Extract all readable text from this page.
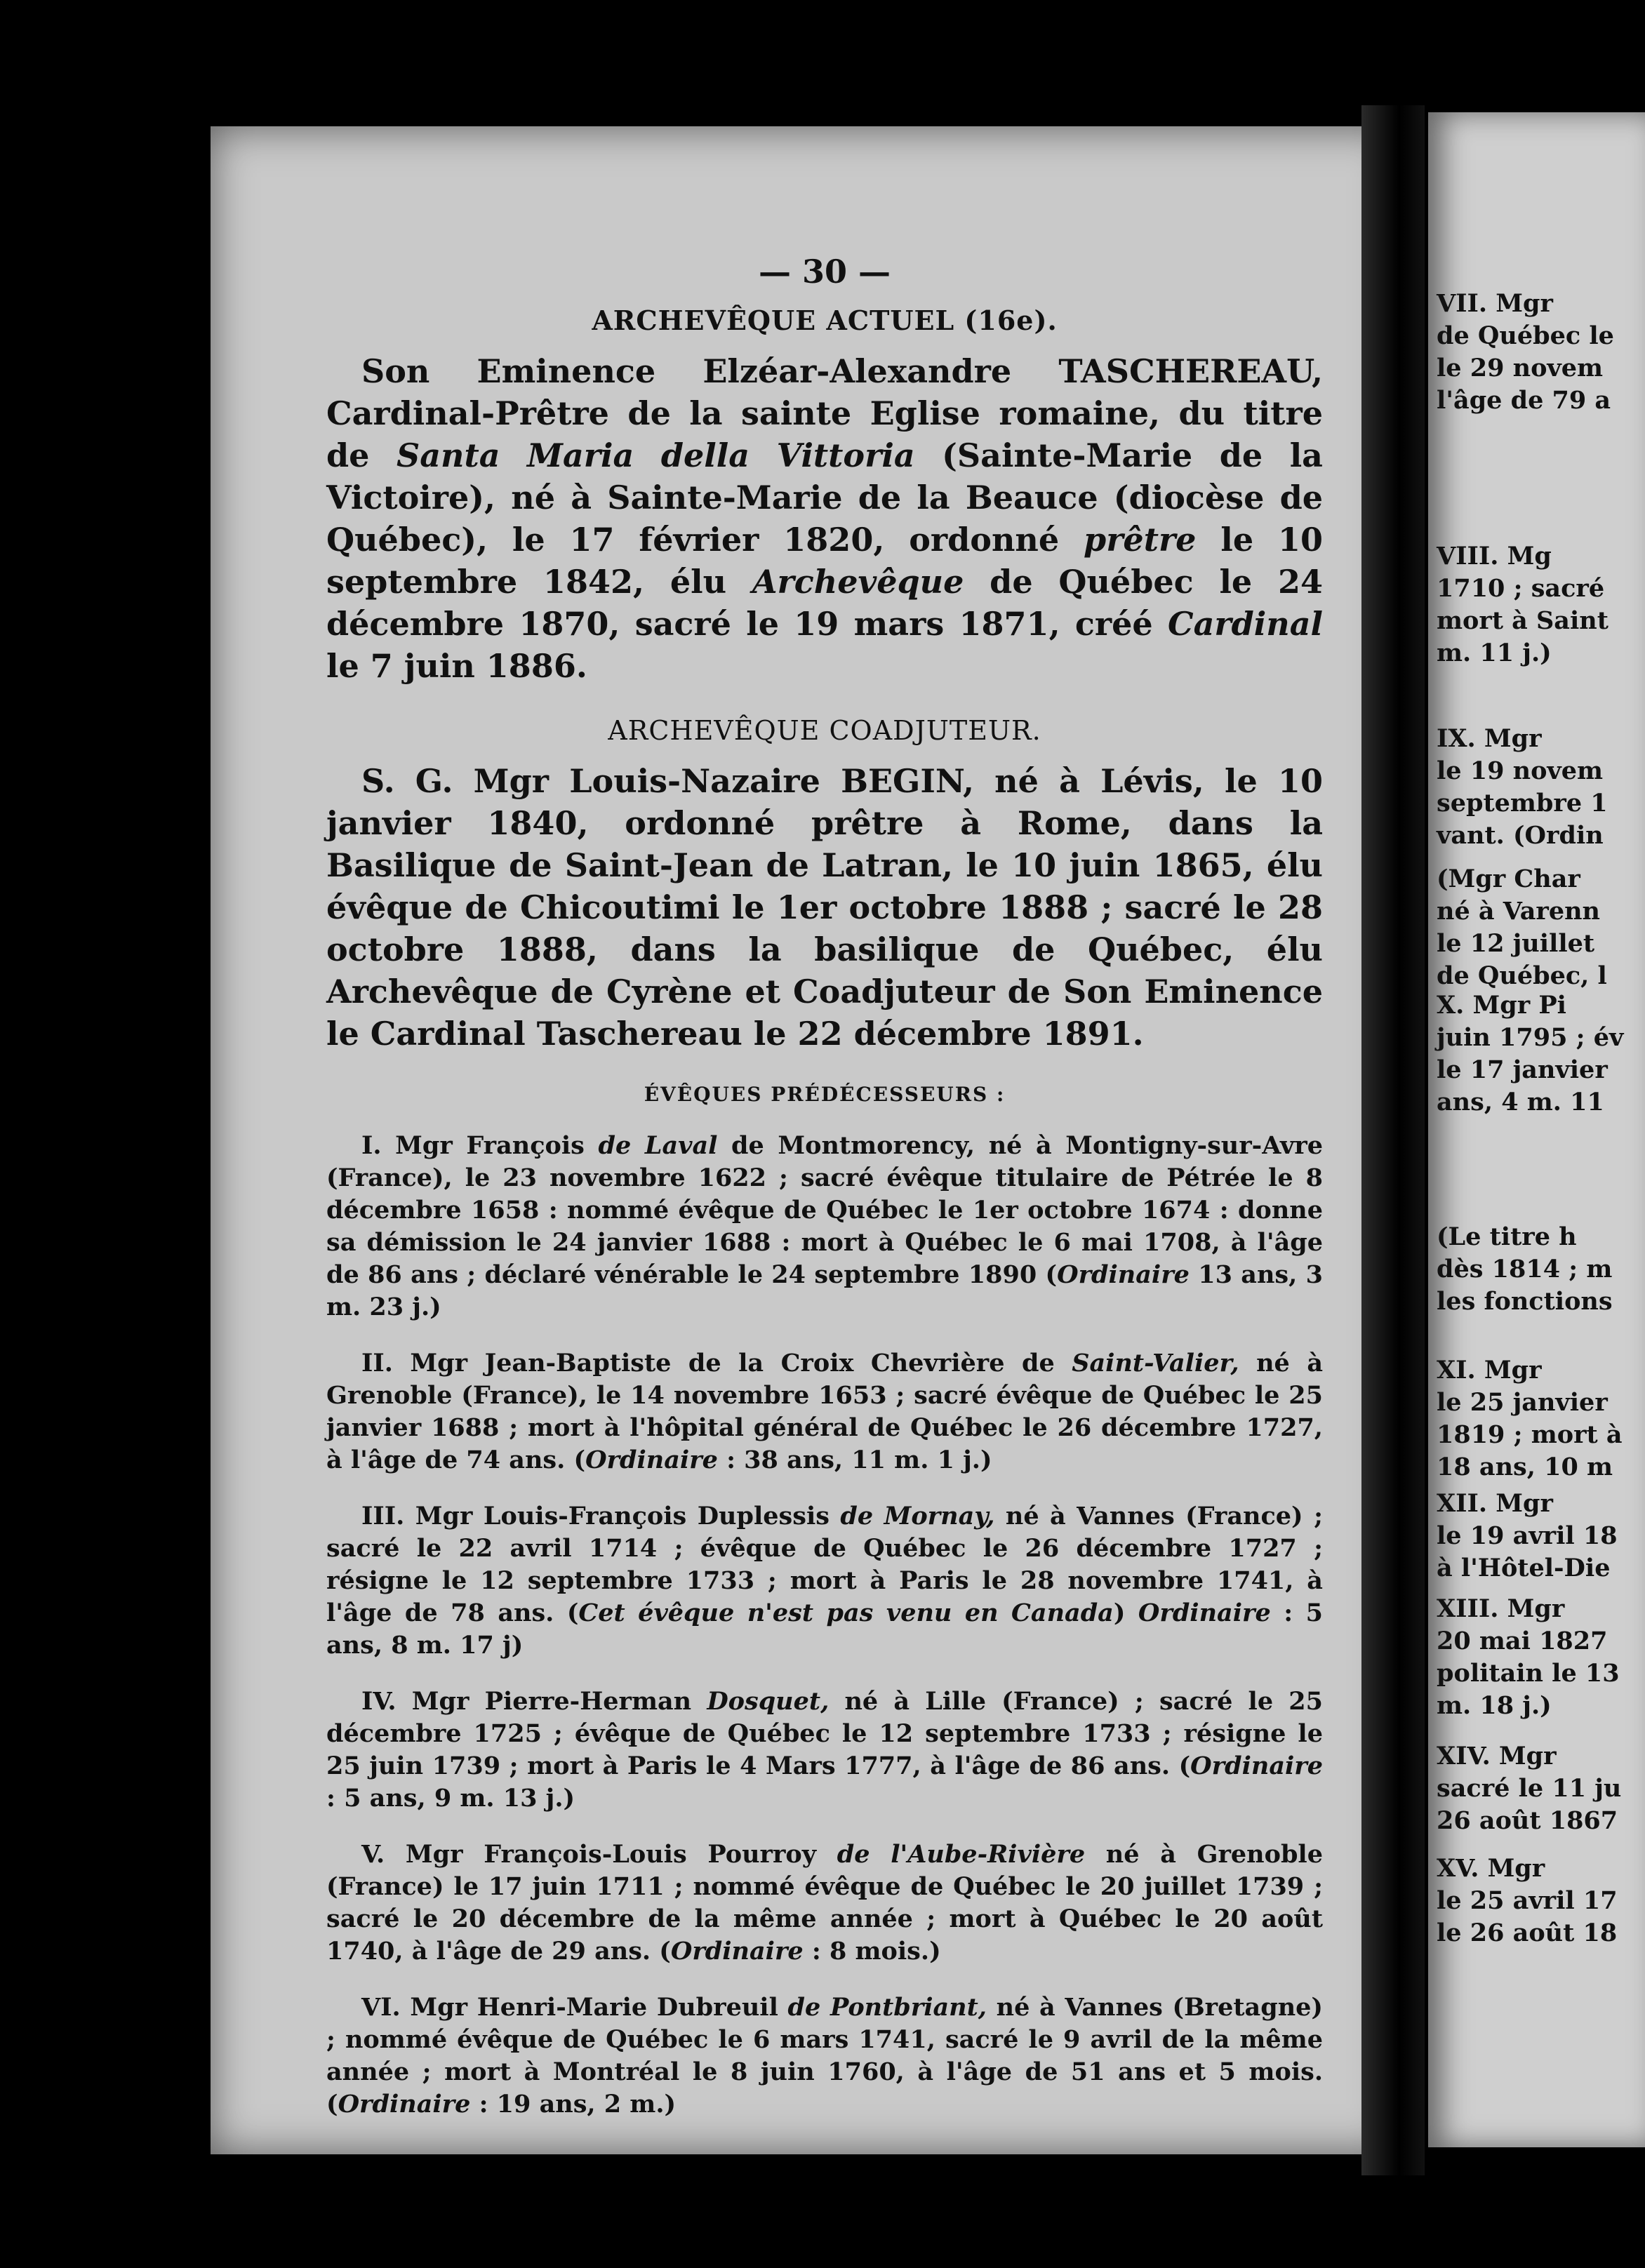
— 30 —
ARCHEVÊQUE ACTUEL (16e).

Son Eminence Elzéar-Alexandre TASCHEREAU, Cardinal-Prêtre de la sainte Eglise romaine, du titre de Santa Maria della Vittoria (Sainte-Marie de la Victoire), né à Sainte-Marie de la Beauce (diocèse de Québec), le 17 février 1820, ordonné prêtre le 10 septembre 1842, élu Archevêque de Québec le 24 décembre 1870, sacré le 19 mars 1871, créé Cardinal le 7 juin 1886.

ARCHEVÊQUE COADJUTEUR.

S. G. Mgr Louis-Nazaire BEGIN, né à Lévis, le 10 janvier 1840, ordonné prêtre à Rome, dans la Basilique de Saint-Jean de Latran, le 10 juin 1865, élu évêque de Chicoutimi le 1er octobre 1888 ; sacré le 28 octobre 1888, dans la basilique de Québec, élu Archevêque de Cyrène et Coadjuteur de Son Eminence le Cardinal Taschereau le 22 décembre 1891.

ÉVÊQUES PRÉDÉCESSEURS :

I. Mgr François de Laval de Montmorency, né à Montigny-sur-Avre (France), le 23 novembre 1622 ; sacré évêque titulaire de Pétrée le 8 décembre 1658 : nommé évêque de Québec le 1er octobre 1674 : donne sa démission le 24 janvier 1688 : mort à Québec le 6 mai 1708, à l'âge de 86 ans ; déclaré vénérable le 24 septembre 1890 (Ordinaire 13 ans, 3 m. 23 j.)

II. Mgr Jean-Baptiste de la Croix Chevrière de Saint-Valier, né à Grenoble (France), le 14 novembre 1653 ; sacré évêque de Québec le 25 janvier 1688 ; mort à l'hôpital général de Québec le 26 décembre 1727, à l'âge de 74 ans. (Ordinaire : 38 ans, 11 m. 1 j.)

III. Mgr Louis-François Duplessis de Mornay, né à Vannes (France) ; sacré le 22 avril 1714 ; évêque de Québec le 26 décembre 1727 ; résigne le 12 septembre 1733 ; mort à Paris le 28 novembre 1741, à l'âge de 78 ans. (Cet évêque n'est pas venu en Canada) Ordinaire : 5 ans, 8 m. 17 j)

IV. Mgr Pierre-Herman Dosquet, né à Lille (France) ; sacré le 25 décembre 1725 ; évêque de Québec le 12 septembre 1733 ; résigne le 25 juin 1739 ; mort à Paris le 4 Mars 1777, à l'âge de 86 ans. (Ordinaire : 5 ans, 9 m. 13 j.)

V. Mgr François-Louis Pourroy de l'Aube-Rivière né à Grenoble (France) le 17 juin 1711 ; nommé évêque de Québec le 20 juillet 1739 ; sacré le 20 décembre de la même année ; mort à Québec le 20 août 1740, à l'âge de 29 ans. (Ordinaire : 8 mois.)

VI. Mgr Henri-Marie Dubreuil de Pontbriant, né à Vannes (Bretagne) ; nommé évêque de Québec le 6 mars 1741, sacré le 9 avril de la même année ; mort à Montréal le 8 juin 1760, à l'âge de 51 ans et 5 mois. (Ordinaire : 19 ans, 2 m.)

VII. Mgr
de Québec le
le 29 novem
l'âge de 79 a
VIII. Mg
1710 ; sacré
mort à Saint
m. 11 j.)
IX. Mgr
le 19 novem
septembre 1
vant. (Ordin
(Mgr Char
né à Varenn
le 12 juillet
de Québec, l
X. Mgr Pi
juin 1795 ; év
le 17 janvier
ans, 4 m. 11
(Le titre h
dès 1814 ; m
les fonctions
XI. Mgr
le 25 janvier
1819 ; mort à
18 ans, 10 m
XII. Mgr
le 19 avril 18
à l'Hôtel-Die
XIII. Mgr
20 mai 1827
politain le 13
m. 18 j.)
XIV. Mgr
sacré le 11 ju
26 août 1867
XV. Mgr
le 25 avril 17
le 26 août 18
